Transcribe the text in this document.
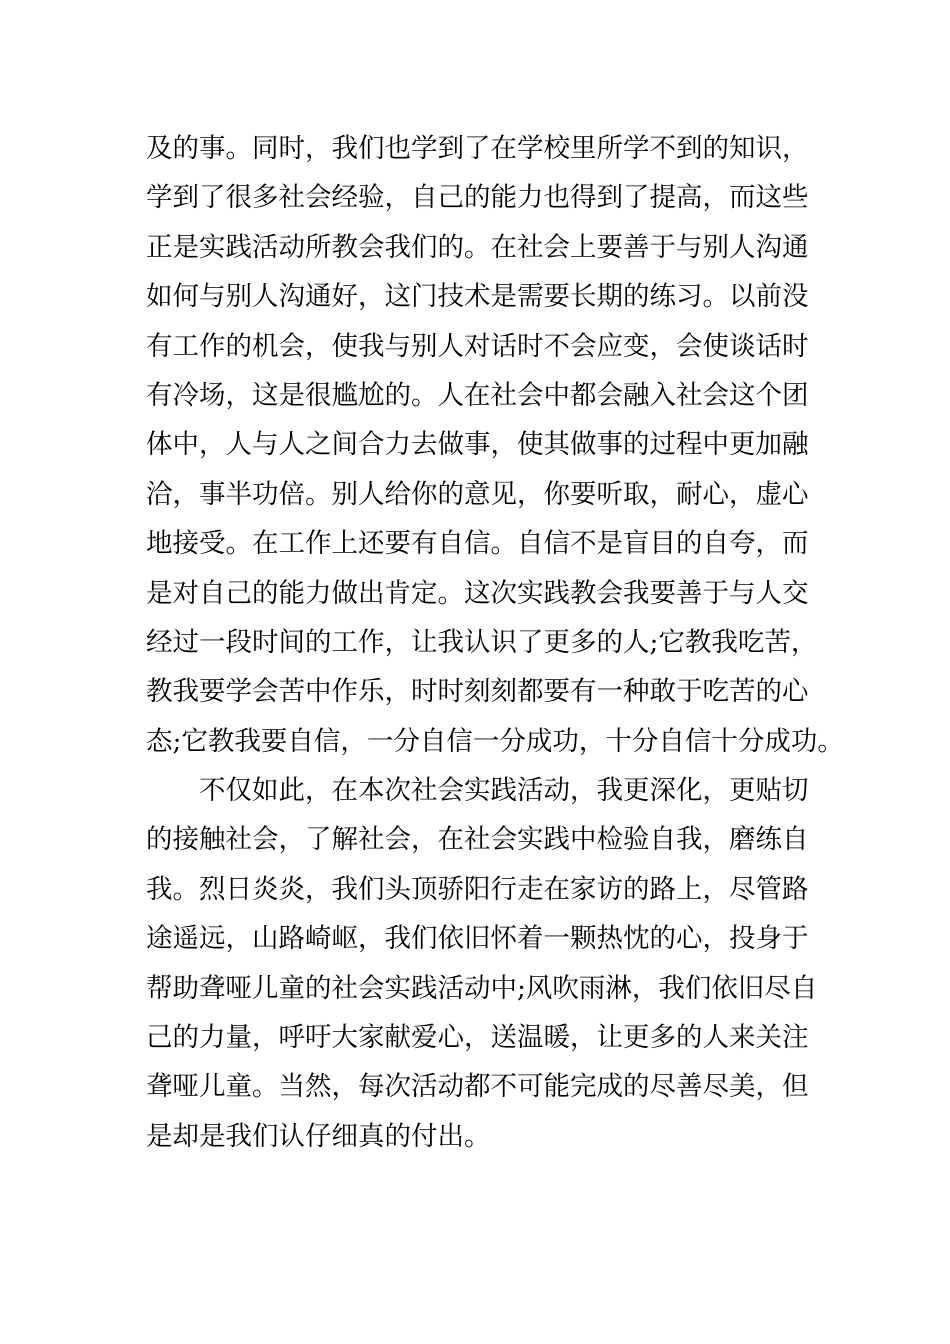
及的事。同时，我们也学到了在学校里所学不到的知识，
学到了很多社会经验，自己的能力也得到了提高，而这些
正是实践活动所教会我们的。在社会上要善于与别人沟通
如何与别人沟通好，这门技术是需要长期的练习。以前没
有工作的机会，使我与别人对话时不会应变，会使谈话时
有冷场，这是很尴尬的。人在社会中都会融入社会这个团
体中，人与人之间合力去做事，使其做事的过程中更加融
洽，事半功倍。别人给你的意见，你要听取，耐心，虚心
地接受。在工作上还要有自信。自信不是盲目的自夸，而
是对自己的能力做出肯定。这次实践教会我要善于与人交
经过一段时间的工作，让我认识了更多的人;它教我吃苦，
教我要学会苦中作乐，时时刻刻都要有一种敢于吃苦的心
态;它教我要自信，一分自信一分成功，十分自信十分成功。
不仅如此，在本次社会实践活动，我更深化，更贴切
的接触社会，了解社会，在社会实践中检验自我，磨练自
我。烈日炎炎，我们头顶骄阳行走在家访的路上，尽管路
途遥远，山路崎岖，我们依旧怀着一颗热忱的心，投身于
帮助聋哑儿童的社会实践活动中;风吹雨淋，我们依旧尽自
己的力量，呼吁大家献爱心，送温暖，让更多的人来关注
聋哑儿童。当然，每次活动都不可能完成的尽善尽美，但
是却是我们认仔细真的付出。
